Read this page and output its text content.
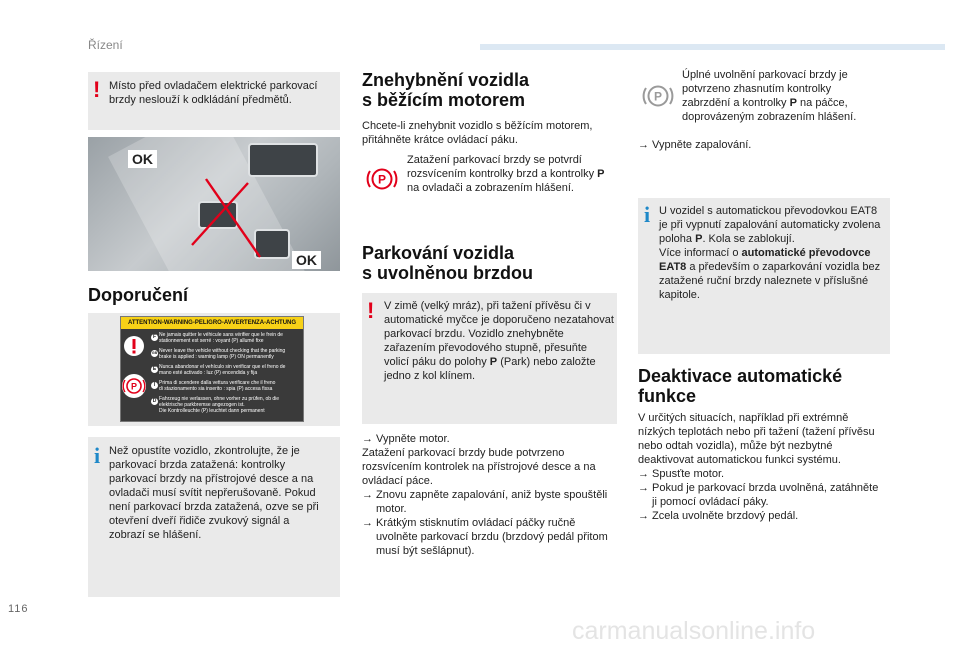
Řízení
! Místo před ovladačem elektrické parkovací brzdy neslouží k odkládání předmětů.
OK
OK
Doporučení
ATTENTION-WARNING-PELIGRO-AVVERTENZA-ACHTUNG
P
F Ne jamais quitter le véhicule sans vérifier que le frein de
stationnement est serré : voyant (P) allumé fixe
GB Never leave the vehicle without checking that the parking
brake is applied : warning lamp (P) ON permanently
E Nunca abandonar el vehículo sin verificar que el freno de
mano esté activado : luz (P) encendida y fija
I Prima di scendere dalla vettura verificare che il freno
di stazionamento sia inserito : spia (P) accesa fissa
D Fahrzeug nie verlassen, ohne vorher zu prüfen, ob die
elektrische parkbremse angezogen ist.
Die Kontrolleuchte (P) leuchtet dann permanent
i Než opustíte vozidlo, zkontrolujte, že je parkovací brzda zatažená: kontrolky parkovací brzdy na přístrojové desce a na ovladači musí svítit nepřerušovaně. Pokud není parkovací brzda zatažená, ozve se při otevření dveří řidiče zvukový signál a zobrazí se hlášení.
Znehybnění vozidla
s běžícím motorem
Chcete-li znehybnit vozidlo s běžícím motorem, přitáhněte krátce ovládací páku.
P
Zatažení parkovací brzdy se potvrdí rozsvícením kontrolky brzd a kontrolky P na ovladači a zobrazením hlášení.
Parkování vozidla
s uvolněnou brzdou
! V zimě (velký mráz), při tažení přívěsu či v automatické myčce je doporučeno nezatahovat parkovací brzdu. Vozidlo znehybněte zařazením převodového stupně, přesuňte volicí páku do polohy P (Park) nebo založte jedno z kol klínem.
→ Vypněte motor.
Zatažení parkovací brzdy bude potvrzeno rozsvícením kontrolek na přístrojové desce a na ovládací páce.
→ Znovu zapněte zapalování, aniž byste spouštěli motor.
→ Krátkým stisknutím ovládací páčky ručně uvolněte parkovací brzdu (brzdový pedál přitom musí být sešlápnut).
P
Úplné uvolnění parkovací brzdy je potvrzeno zhasnutím kontrolky zabrzdění a kontrolky P na páčce, doprovázeným zobrazením hlášení.
→ Vypněte zapalování.
i U vozidel s automatickou převodovkou EAT8 je při vypnutí zapalování automaticky zvolena poloha P. Kola se zablokují.
Více informací o automatické převodovce EAT8 a především o zaparkování vozidla bez zatažené ruční brzdy naleznete v příslušné kapitole.
Deaktivace automatické
funkce
V určitých situacích, například při extrémně nízkých teplotách nebo při tažení (tažení přívěsu nebo odtah vozidla), může být nezbytné deaktivovat automatickou funkci systému.
→ Spusťte motor.
→ Pokud je parkovací brzda uvolněná, zatáhněte ji pomocí ovládací páky.
→ Zcela uvolněte brzdový pedál.
116
carmanualsonline.info
